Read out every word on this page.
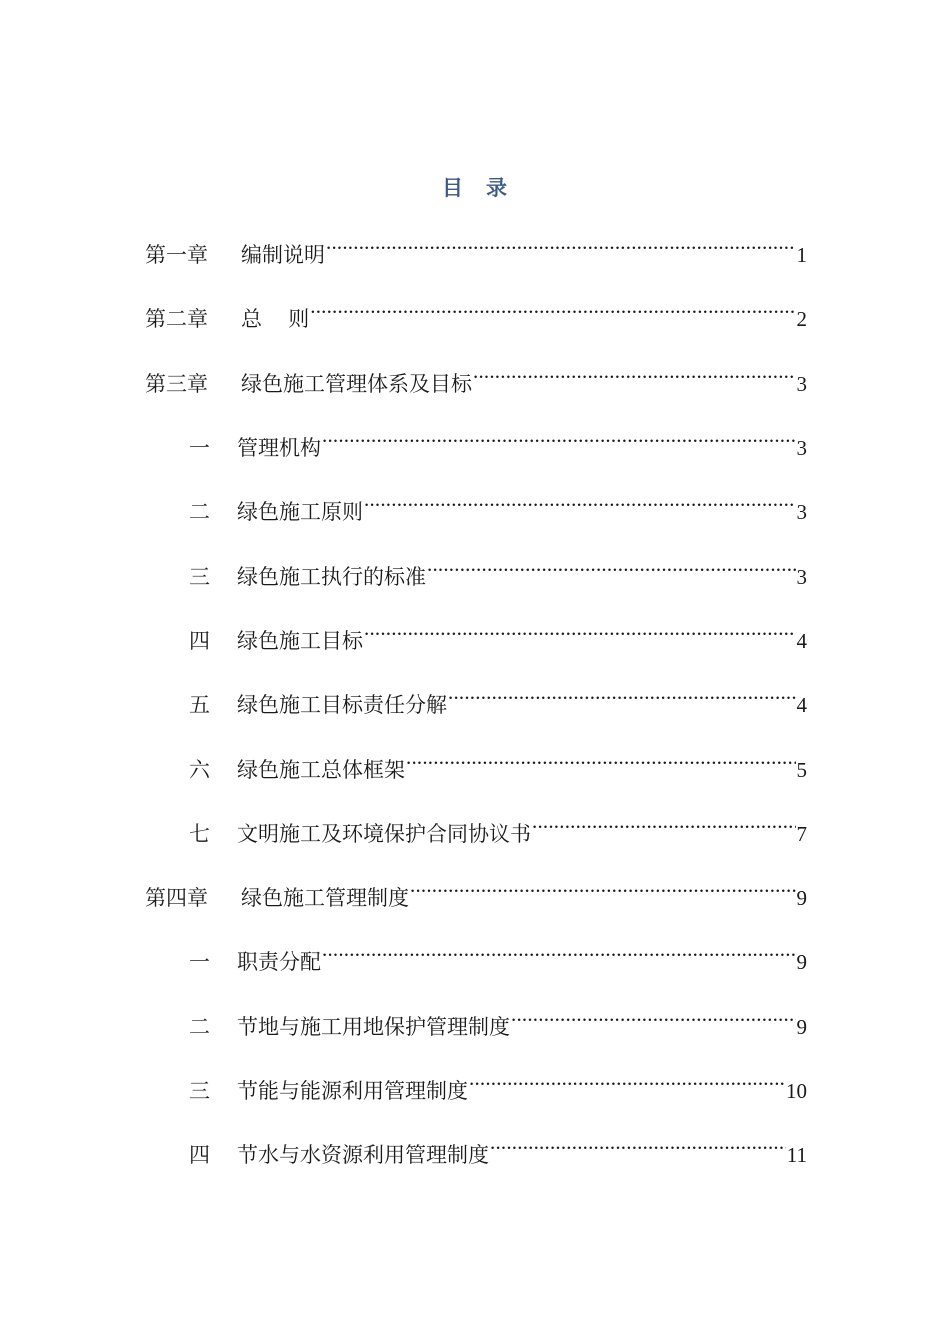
目 录
第一章	编制说明 .....	1
第二章	总　 则 .....	2
第三章	绿色施工管理体系及目标 .....	3
一	管理机构 .....	3
二	绿色施工原则 .....	3
三	绿色施工执行的标准 .....	3
四	绿色施工目标 .....	4
五	绿色施工目标责任分解 .....	4
六	绿色施工总体框架 .....	5
七	文明施工及环境保护合同协议书 .....	7
第四章	绿色施工管理制度 .....	9
一	职责分配 .....	9
二	节地与施工用地保护管理制度 .....	9
三	节能与能源利用管理制度 .....	10
四	节水与水资源利用管理制度 .....	11
